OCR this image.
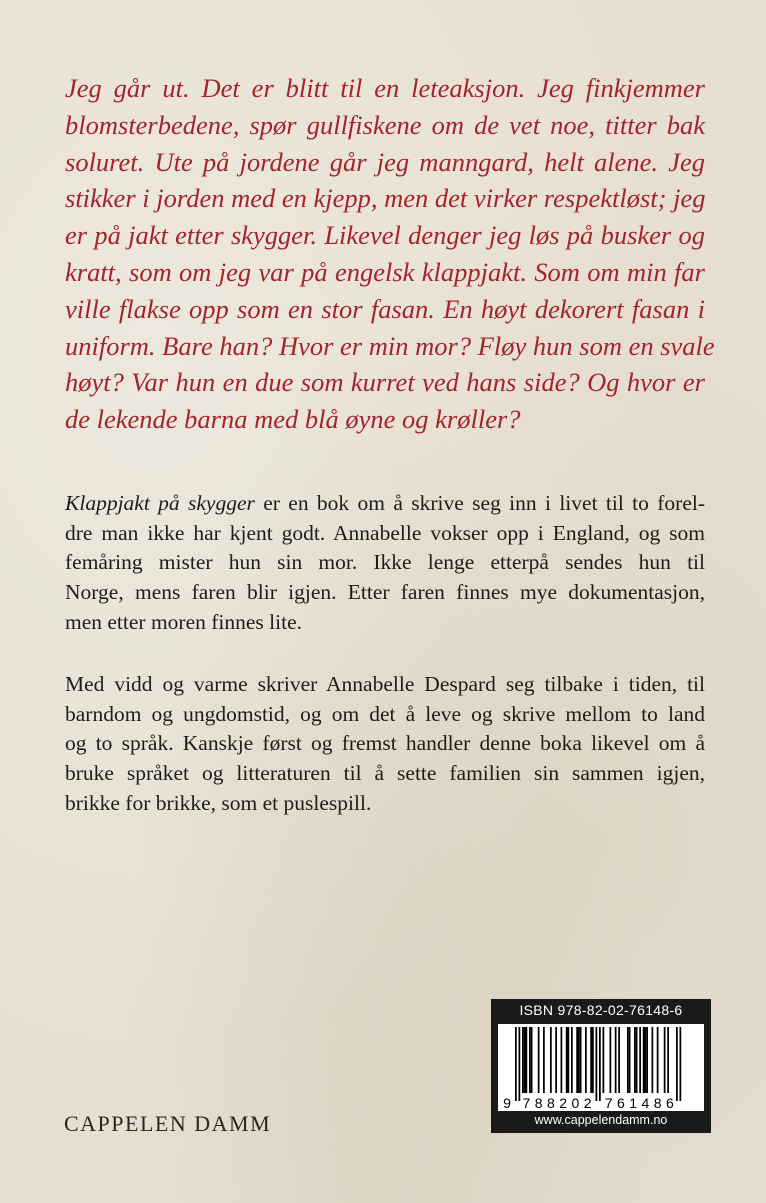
Jeg går ut. Det er blitt til en leteaksjon. Jeg finkjemmer
blomsterbedene, spør gullfiskene om de vet noe, titter bak
soluret. Ute på jordene går jeg manngard, helt alene. Jeg
stikker i jorden med en kjepp, men det virker respektløst; jeg
er på jakt etter skygger. Likevel denger jeg løs på busker og
kratt, som om jeg var på engelsk klappjakt. Som om min far
ville flakse opp som en stor fasan. En høyt dekorert fasan i
uniform. Bare han? Hvor er min mor? Fløy hun som en svale
høyt? Var hun en due som kurret ved hans side? Og hvor er
de lekende barna med blå øyne og krøller?
Klappjakt på skygger er en bok om å skrive seg inn i livet til to forel-
dre man ikke har kjent godt. Annabelle vokser opp i England, og som
femåring mister hun sin mor. Ikke lenge etterpå sendes hun til
Norge, mens faren blir igjen. Etter faren finnes mye dokumentasjon,
men etter moren finnes lite.
Med vidd og varme skriver Annabelle Despard seg tilbake i tiden, til
barndom og ungdomstid, og om det å leve og skrive mellom to land
og to språk. Kanskje først og fremst handler denne boka likevel om å
bruke språket og litteraturen til å sette familien sin sammen igjen,
brikke for brikke, som et puslespill.
CAPPELEN DAMM
ISBN 978-82-02-76148-6
9 7 8 8 2 0 2 7 6 1 4 8 6
www.cappelendamm.no
